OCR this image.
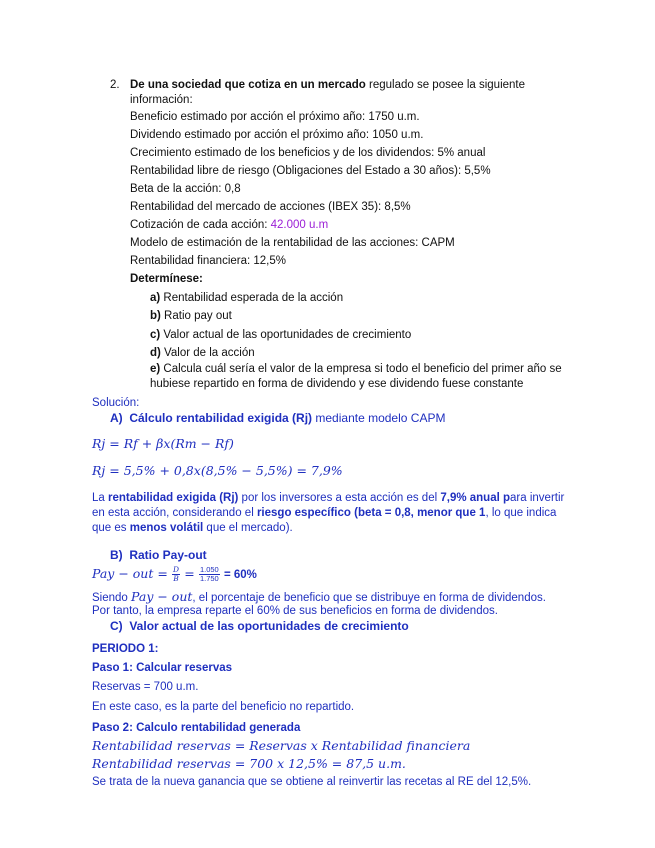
2. De una sociedad que cotiza en un mercado regulado se posee la siguiente
información:
Beneficio estimado por acción el próximo año: 1750 u.m.
Dividendo estimado por acción el próximo año: 1050 u.m.
Crecimiento estimado de los beneficios y de los dividendos: 5% anual
Rentabilidad libre de riesgo (Obligaciones del Estado a 30 años): 5,5%
Beta de la acción: 0,8
Rentabilidad del mercado de acciones (IBEX 35): 8,5%
Cotización de cada acción: 42.000 u.m
Modelo de estimación de la rentabilidad de las acciones: CAPM
Rentabilidad financiera: 12,5%
Determínese:
a) Rentabilidad esperada de la acción
b) Ratio pay out
c) Valor actual de las oportunidades de crecimiento
d) Valor de la acción
e) Calcula cuál sería el valor de la empresa si todo el beneficio del primer año se
hubiese repartido en forma de dividendo y ese dividendo fuese constante
Solución:
A) Cálculo rentabilidad exigida (Rj) mediante modelo CAPM
Rj = Rf + βx(Rm − Rf)
Rj = 5,5% + 0,8x(8,5% − 5,5%) = 7,9%
La rentabilidad exigida (Rj) por los inversores a esta acción es del 7,9% anual para invertir
en esta acción, considerando el riesgo específico (beta = 0,8, menor que 1, lo que indica
que es menos volátil que el mercado).
B) Ratio Pay-out
Pay − out = $\frac{D}{B} = \frac{1.050}{1.750} = 60\%$
Siendo Pay − out, el porcentaje de beneficio que se distribuye en forma de dividendos.
Por tanto, la empresa reparte el 60% de sus beneficios en forma de dividendos.
C) Valor actual de las oportunidades de crecimiento
PERIODO 1:
Paso 1: Calcular reservas
Reservas = 700 u.m.
En este caso, es la parte del beneficio no repartido.
Paso 2: Calculo rentabilidad generada
Rentabilidad reservas = Reservas x Rentabilidad financiera
Rentabilidad reservas = 700 x 12,5% = 87,5 u.m.
Se trata de la nueva ganancia que se obtiene al reinvertir las recetas al RE del 12,5%.
